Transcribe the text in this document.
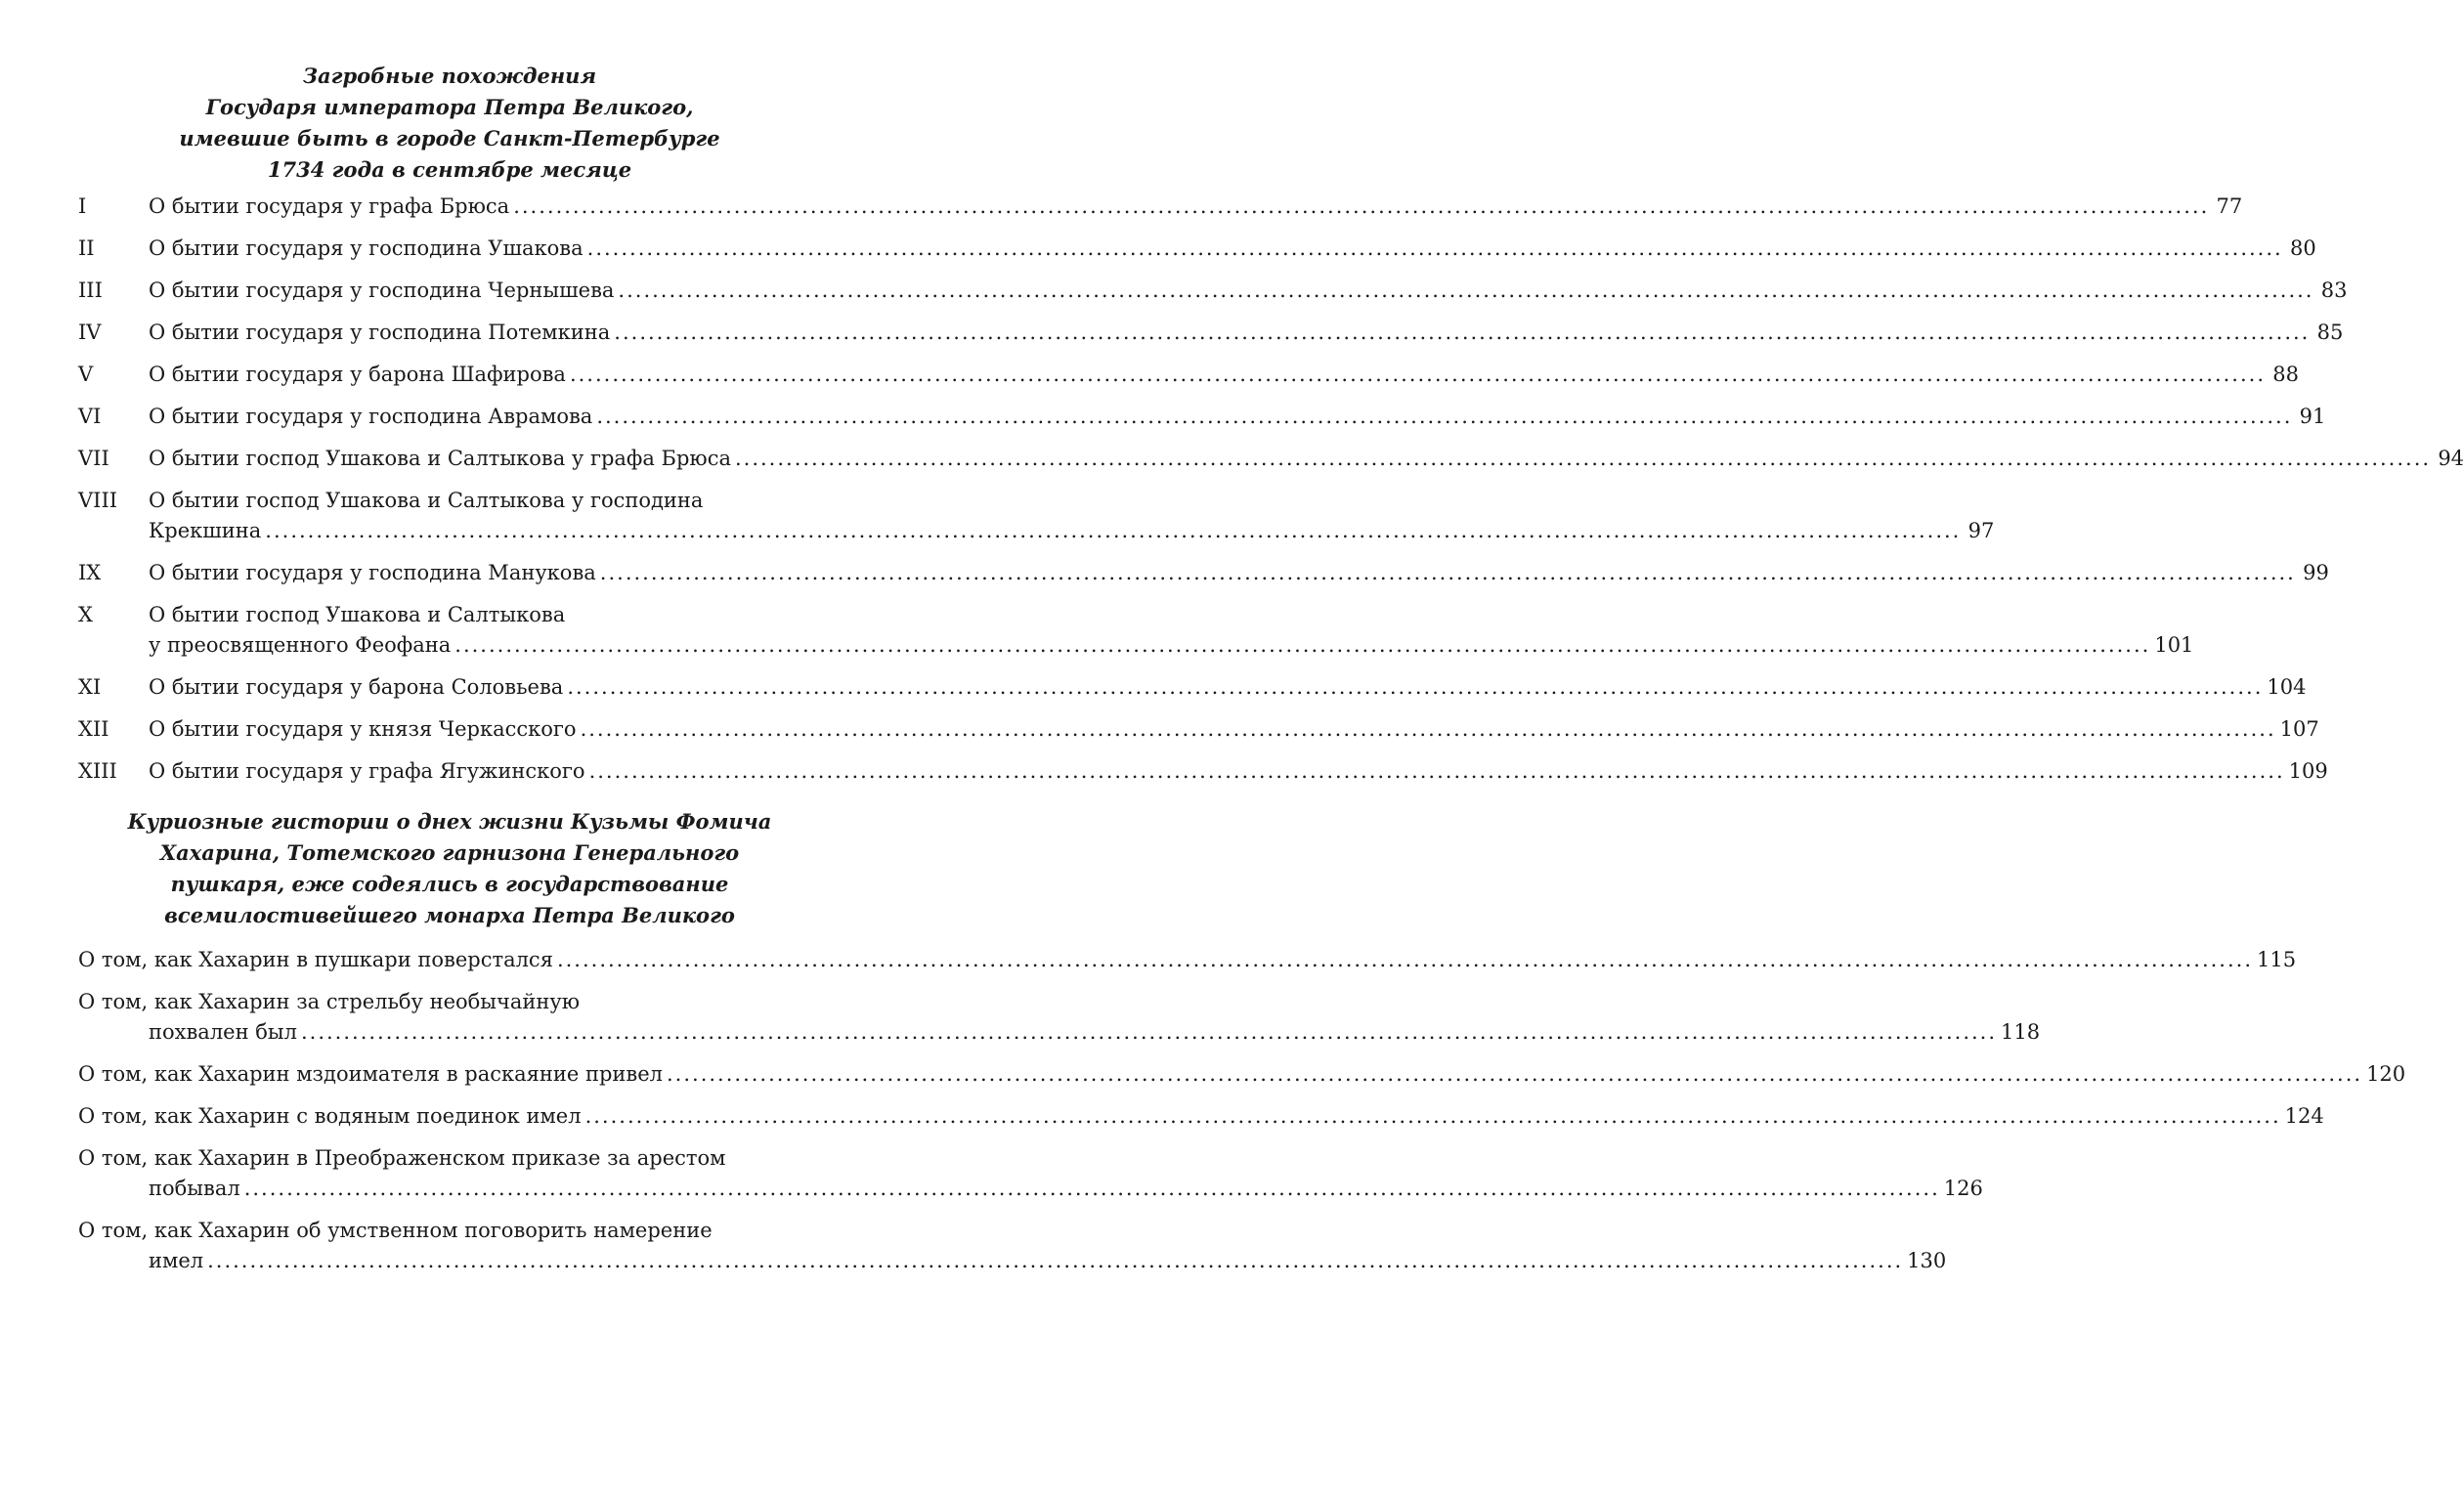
Загробные похождения
Государя императора Петра Великого,
имевшие быть в городе Санкт-Петербурге
1734 года в сентябре месяце
I	О бытии государя у графа Брюса .....	77
II	О бытии государя у господина Ушакова .....	80
III	О бытии государя у господина Чернышева .....	83
IV	О бытии государя у господина Потемкина .....	85
V	О бытии государя у барона Шафирова .....	88
VI	О бытии государя у господина Аврамова .....	91
VII	О бытии господ Ушакова и Салтыкова у графа Брюса .....	94
VIII	О бытии господ Ушакова и Салтыкова у господина
Крекшина .....	97
IX	О бытии государя у господина Манукова .....	99
X	О бытии господ Ушакова и Салтыкова
у преосвященного Феофана .....	101
XI	О бытии государя у барона Соловьева .....	104
XII	О бытии государя у князя Черкасского .....	107
XIII	О бытии государя у графа Ягужинского .....	109
Куриозные гистории о днех жизни Кузьмы Фомича
Хахарина, Тотемского гарнизона Генерального
пушкаря, еже содеялись в государствование
всемилостивейшего монарха Петра Великого
О том, как Хахарин в пушкари поверстался .....	115
О том, как Хахарин за стрельбу необычайную
похвален был .....	118
О том, как Хахарин мздоимателя в раскаяние привел .....	120
О том, как Хахарин с водяным поединок имел .....	124
О том, как Хахарин в Преображенском приказе за арестом
побывал .....	126
О том, как Хахарин об умственном поговорить намерение
имел .....	130
